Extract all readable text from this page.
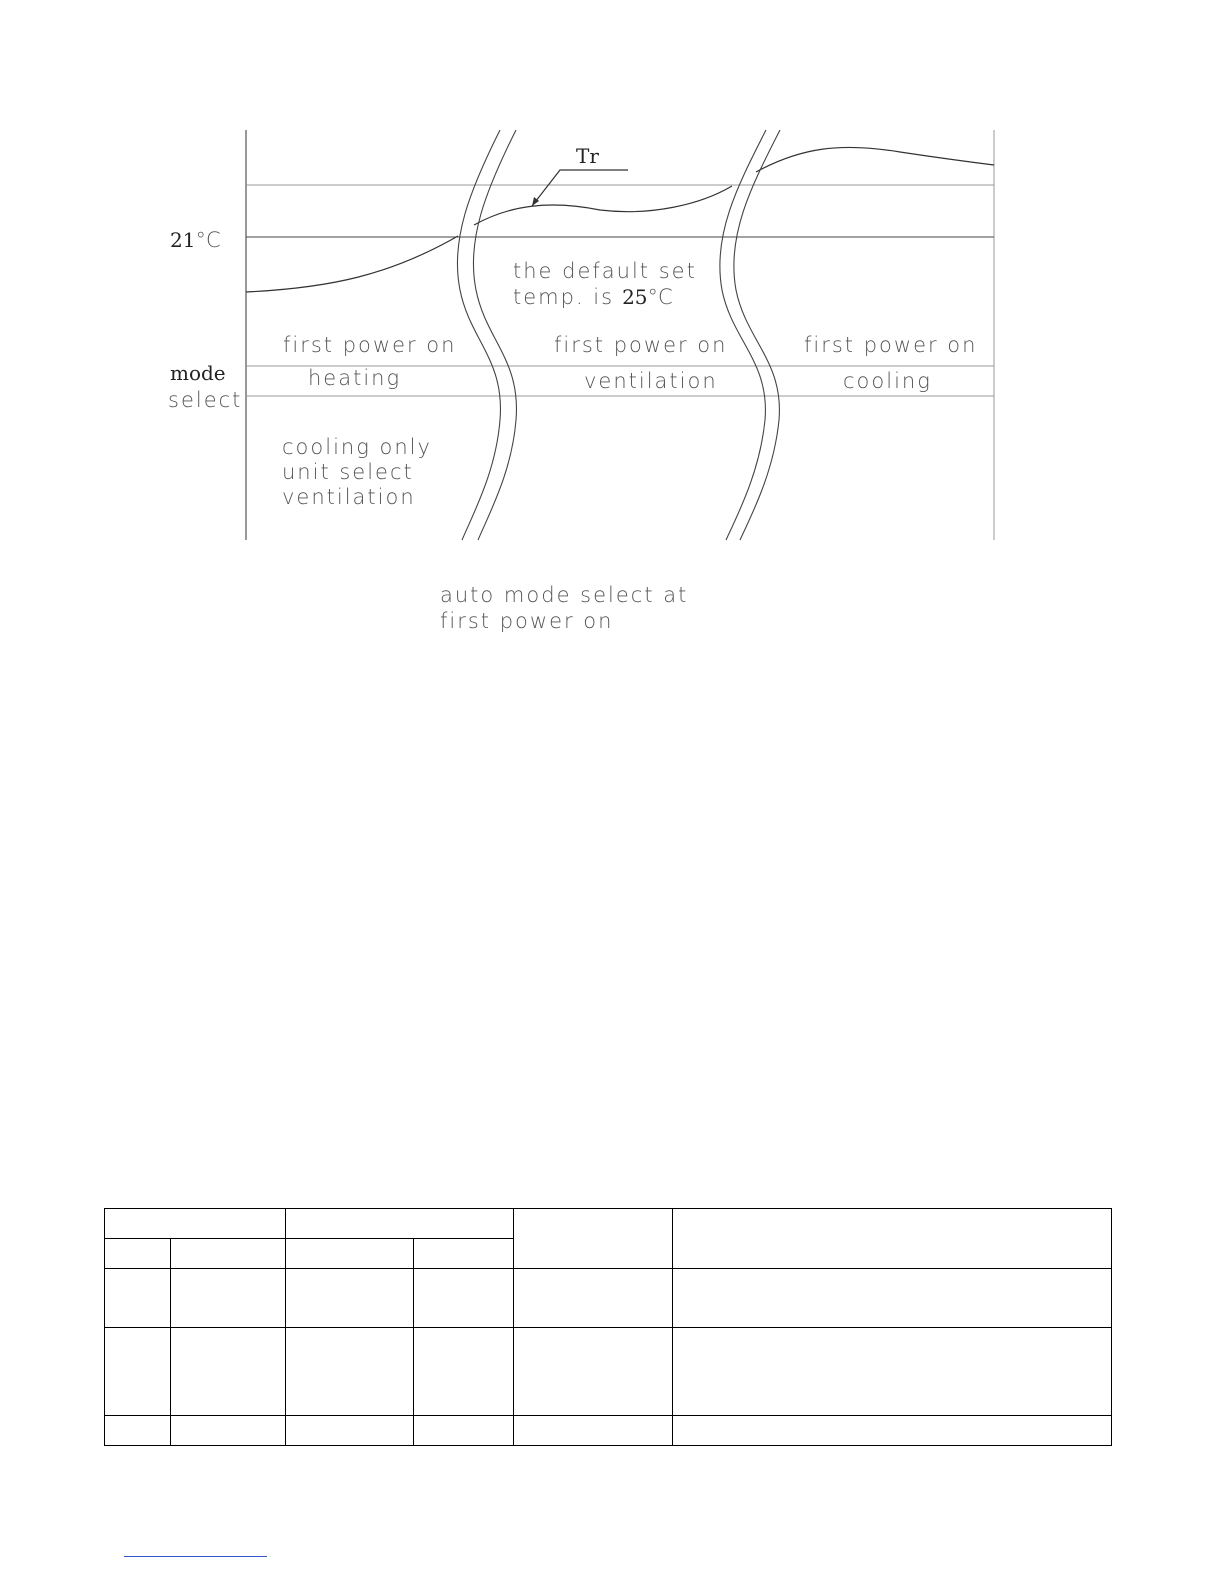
Tr
21°C
mode
select
the default set
temp. is 25°C
first power on
heating
first power on
ventilation
first power on
cooling
cooling only
unit select
ventilation
auto mode select at
first power on
